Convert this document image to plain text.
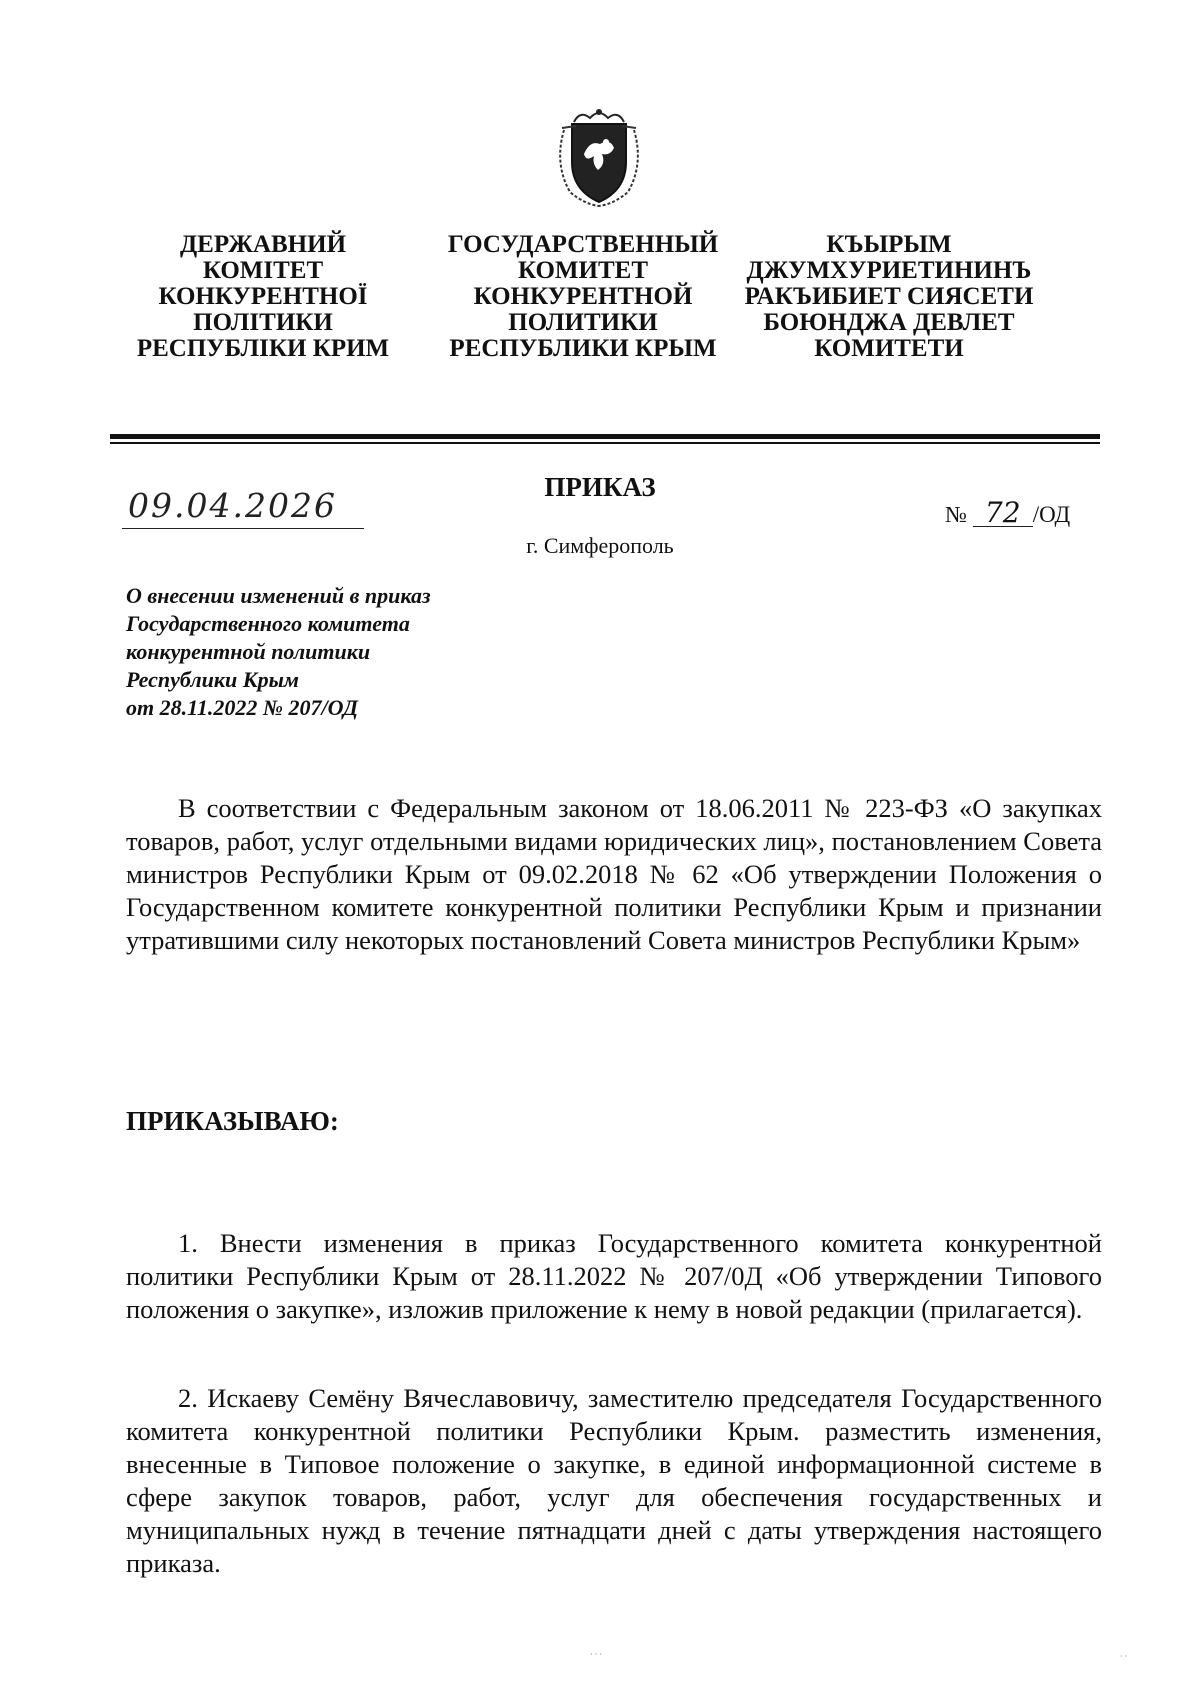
ДЕРЖАВНИЙ
КОМІТЕТ
КОНКУРЕНТНОЇ
ПОЛІТИКИ
РЕСПУБЛІКИ КРИМ
ГОСУДАРСТВЕННЫЙ
КОМИТЕТ
КОНКУРЕНТНОЙ
ПОЛИТИКИ
РЕСПУБЛИКИ КРЫМ
КЪЫРЫМ
ДЖУМХУРИЕТИНИНЪ
РАКЪИБИЕТ СИЯСЕТИ
БОЮНДЖА ДЕВЛЕТ
КОМИТЕТИ
09.04.2026	ПРИКАЗ
г. Симферополь
№ 72 /ОД
О внесении изменений в приказ
Государственного комитета
конкурентной политики
Республики Крым
от 28.11.2022 № 207/ОД
В соответствии с Федеральным законом от 18.06.2011 № 223-ФЗ «О закупках товаров, работ, услуг отдельными видами юридических лиц», постановлением Совета министров Республики Крым от 09.02.2018 № 62 «Об утверждении Положения о Государственном комитете конкурентной политики Республики Крым и признании утратившими силу некоторых постановлений Совета министров Республики Крым»
ПРИКАЗЫВАЮ:
1. Внести изменения в приказ Государственного комитета конкурентной политики Республики Крым от 28.11.2022 № 207/0Д «Об утверждении Типового положения о закупке», изложив приложение к нему в новой редакции (прилагается).
2. Искаеву Семёну Вячеславовичу, заместителю председателя Государственного комитета конкурентной политики Республики Крым. разместить изменения, внесенные в Типовое положение о закупке, в единой информационной системе в сфере закупок товаров, работ, услуг для обеспечения государственных и муниципальных нужд в течение пятнадцати дней с даты утверждения настоящего приказа.
· · ·	· ·
